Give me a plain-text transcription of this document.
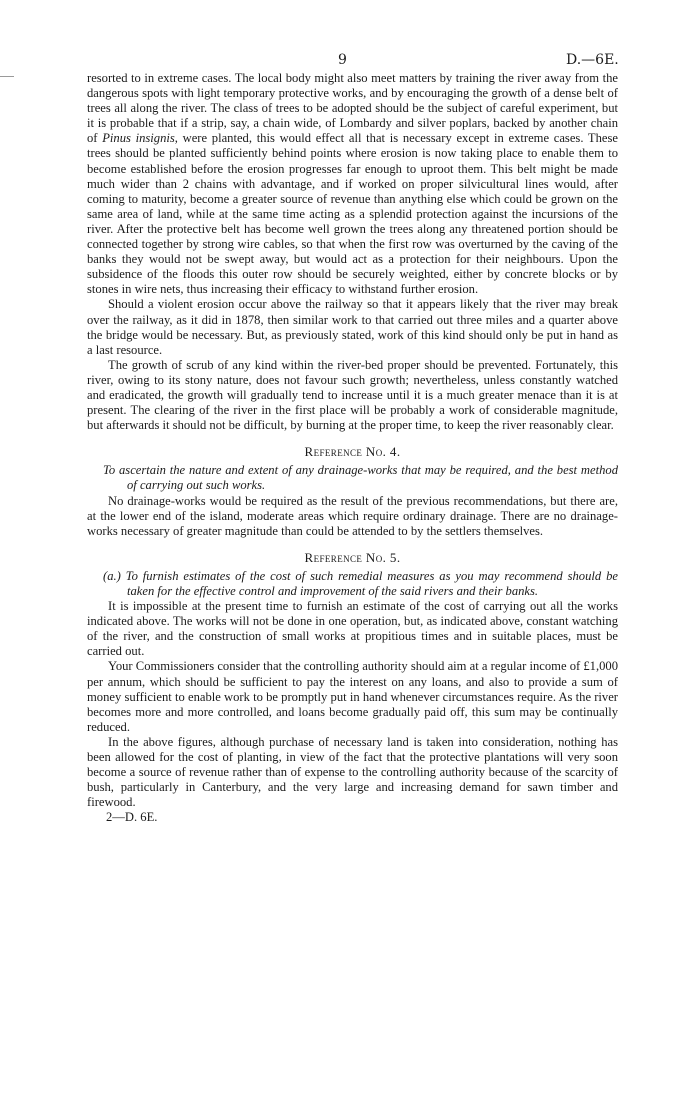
9	D.—6E.

resorted to in extreme cases. The local body might also meet matters by training the river away from the dangerous spots with light temporary protective works, and by encouraging the growth of a dense belt of trees all along the river. The class of trees to be adopted should be the subject of careful experiment, but it is probable that if a strip, say, a chain wide, of Lombardy and silver poplars, backed by another chain of Pinus insignis, were planted, this would effect all that is necessary except in extreme cases. These trees should be planted sufficiently behind points where erosion is now taking place to enable them to become established before the erosion progresses far enough to uproot them. This belt might be made much wider than 2 chains with advantage, and if worked on proper silvicultural lines would, after coming to maturity, become a greater source of revenue than anything else which could be grown on the same area of land, while at the same time acting as a splendid protection against the incursions of the river. After the protective belt has become well grown the trees along any threatened portion should be connected together by strong wire cables, so that when the first row was overturned by the caving of the banks they would not be swept away, but would act as a protection for their neighbours. Upon the subsidence of the floods this outer row should be securely weighted, either by concrete blocks or by stones in wire nets, thus increasing their efficacy to withstand further erosion.

Should a violent erosion occur above the railway so that it appears likely that the river may break over the railway, as it did in 1878, then similar work to that carried out three miles and a quarter above the bridge would be necessary. But, as previously stated, work of this kind should only be put in hand as a last resource.

The growth of scrub of any kind within the river-bed proper should be prevented. Fortunately, this river, owing to its stony nature, does not favour such growth; nevertheless, unless constantly watched and eradicated, the growth will gradually tend to increase until it is a much greater menace than it is at present. The clearing of the river in the first place will be probably a work of considerable magnitude, but afterwards it should not be difficult, by burning at the proper time, to keep the river reasonably clear.

Reference No. 4.

To ascertain the nature and extent of any drainage-works that may be required, and the best method of carrying out such works.

No drainage-works would be required as the result of the previous recommendations, but there are, at the lower end of the island, moderate areas which require ordinary drainage. There are no drainage-works necessary of greater magnitude than could be attended to by the settlers themselves.

Reference No. 5.

(a.) To furnish estimates of the cost of such remedial measures as you may recommend should be taken for the effective control and improvement of the said rivers and their banks.

It is impossible at the present time to furnish an estimate of the cost of carrying out all the works indicated above. The works will not be done in one operation, but, as indicated above, constant watching of the river, and the construction of small works at propitious times and in suitable places, must be carried out.

Your Commissioners consider that the controlling authority should aim at a regular income of £1,000 per annum, which should be sufficient to pay the interest on any loans, and also to provide a sum of money sufficient to enable work to be promptly put in hand whenever circumstances require. As the river becomes more and more controlled, and loans become gradually paid off, this sum may be continually reduced.

In the above figures, although purchase of necessary land is taken into consideration, nothing has been allowed for the cost of planting, in view of the fact that the protective plantations will very soon become a source of revenue rather than of expense to the controlling authority because of the scarcity of bush, particularly in Canterbury, and the very large and increasing demand for sawn timber and firewood.

2—D. 6E.
